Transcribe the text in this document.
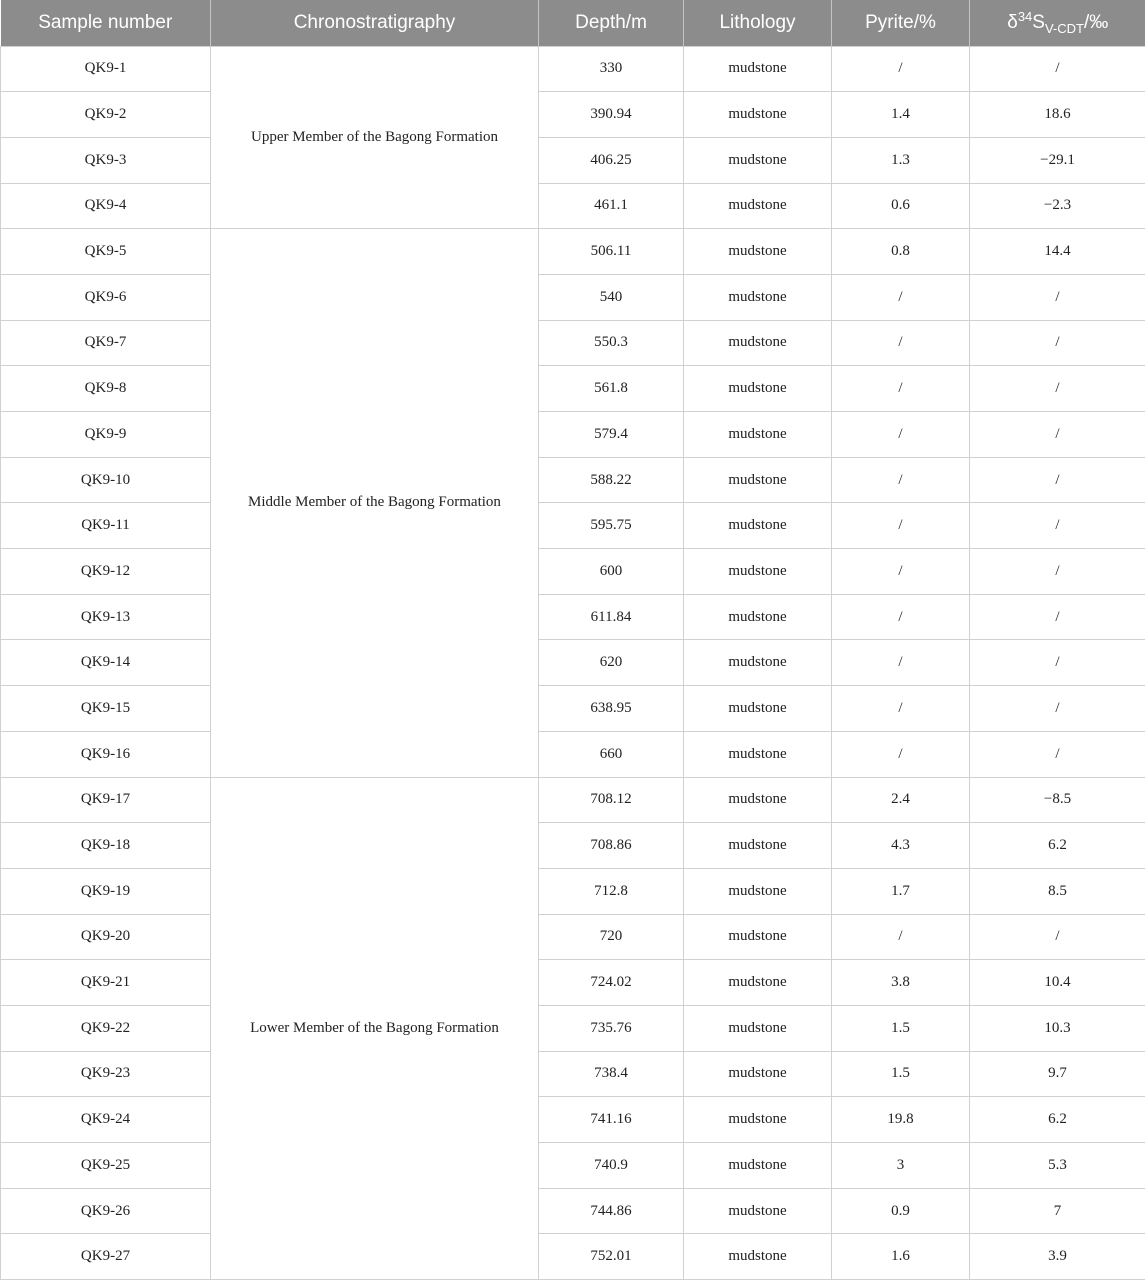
Sample number	Chronostratigraphy	Depth/m	Lithology	Pyrite/%	$\delta^{34}S_{V-CDT}/‰$
QK9-1	Upper Member of the Bagong Formation	330	mudstone	/	/
QK9-2		390.94	mudstone	1.4	18.6
QK9-3		406.25	mudstone	1.3	−29.1
QK9-4		461.1	mudstone	0.6	−2.3
QK9-5	Middle Member of the Bagong Formation	506.11	mudstone	0.8	14.4
QK9-6		540	mudstone	/	/
QK9-7		550.3	mudstone	/	/
QK9-8		561.8	mudstone	/	/
QK9-9		579.4	mudstone	/	/
QK9-10		588.22	mudstone	/	/
QK9-11		595.75	mudstone	/	/
QK9-12		600	mudstone	/	/
QK9-13		611.84	mudstone	/	/
QK9-14		620	mudstone	/	/
QK9-15		638.95	mudstone	/	/
QK9-16		660	mudstone	/	/
QK9-17	Lower Member of the Bagong Formation	708.12	mudstone	2.4	−8.5
QK9-18		708.86	mudstone	4.3	6.2
QK9-19		712.8	mudstone	1.7	8.5
QK9-20		720	mudstone	/	/
QK9-21		724.02	mudstone	3.8	10.4
QK9-22		735.76	mudstone	1.5	10.3
QK9-23		738.4	mudstone	1.5	9.7
QK9-24		741.16	mudstone	19.8	6.2
QK9-25		740.9	mudstone	3	5.3
QK9-26		744.86	mudstone	0.9	7
QK9-27		752.01	mudstone	1.6	3.9
